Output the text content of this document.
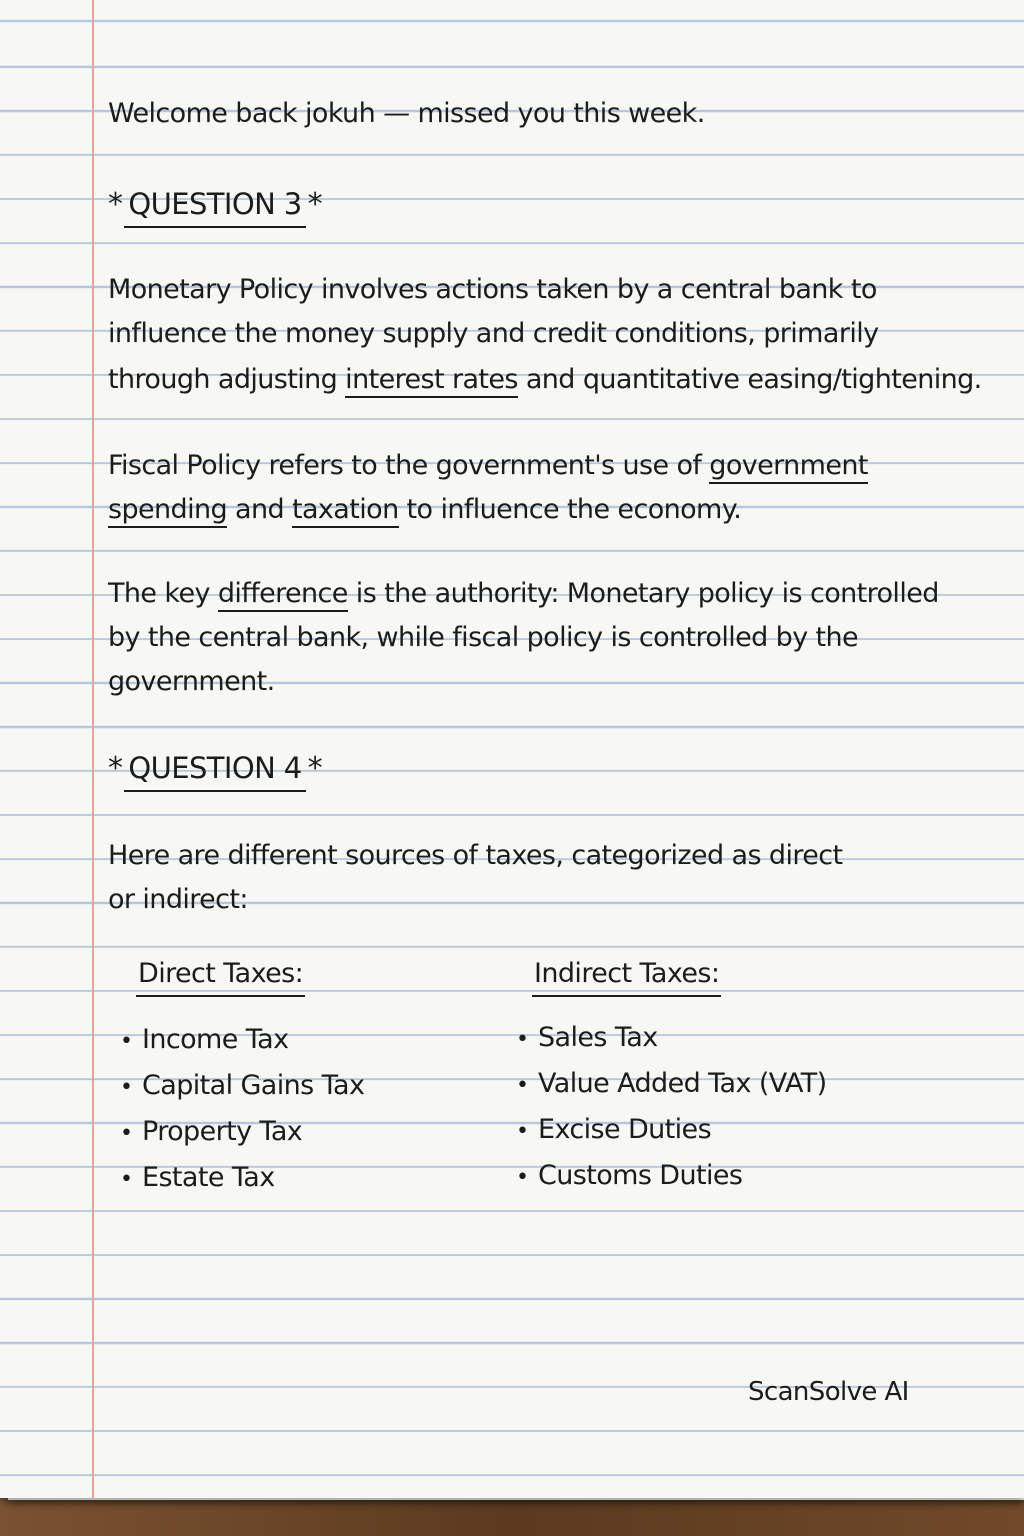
Welcome back jokuh — missed you this week.
* QUESTION 3 *
Monetary Policy involves actions taken by a central bank to
influence the money supply and credit conditions, primarily
through adjusting interest rates and quantitative easing/tightening.
Fiscal Policy refers to the government's use of government
spending and taxation to influence the economy.
The key difference is the authority: Monetary policy is controlled
by the central bank, while fiscal policy is controlled by the
government.
* QUESTION 4 *
Here are different sources of taxes, categorized as direct
or indirect:
Direct Taxes:	Indirect Taxes:
• Income Tax
• Capital Gains Tax
• Property Tax
• Estate Tax
• Sales Tax
• Value Added Tax (VAT)
• Excise Duties
• Customs Duties
ScanSolve AI
